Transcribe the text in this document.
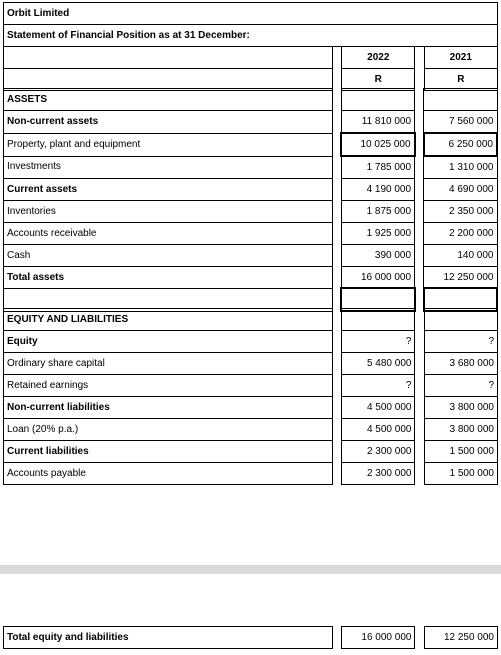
Orbit Limited				
Statement of Financial Position as at 31 December:				
		2022		2021
		R		R
ASSETS				
Non-current assets		11 810 000		7 560 000
Property, plant and equipment		10 025 000		6 250 000
Investments		1 785 000		1 310 000
Current assets		4 190 000		4 690 000
Inventories		1 875 000		2 350 000
Accounts receivable		1 925 000		2 200 000
Cash		390 000		140 000
Total assets		16 000 000		12 250 000

EQUITY AND LIABILITIES				
Equity		?		?
Ordinary share capital		5 480 000		3 680 000
Retained earnings		?		?
Non-current liabilities		4 500 000		3 800 000
Loan (20% p.a.)		4 500 000		3 800 000
Current liabilities		2 300 000		1 500 000
Accounts payable		2 300 000		1 500 000
Total equity and liabilities		16 000 000		12 250 000
